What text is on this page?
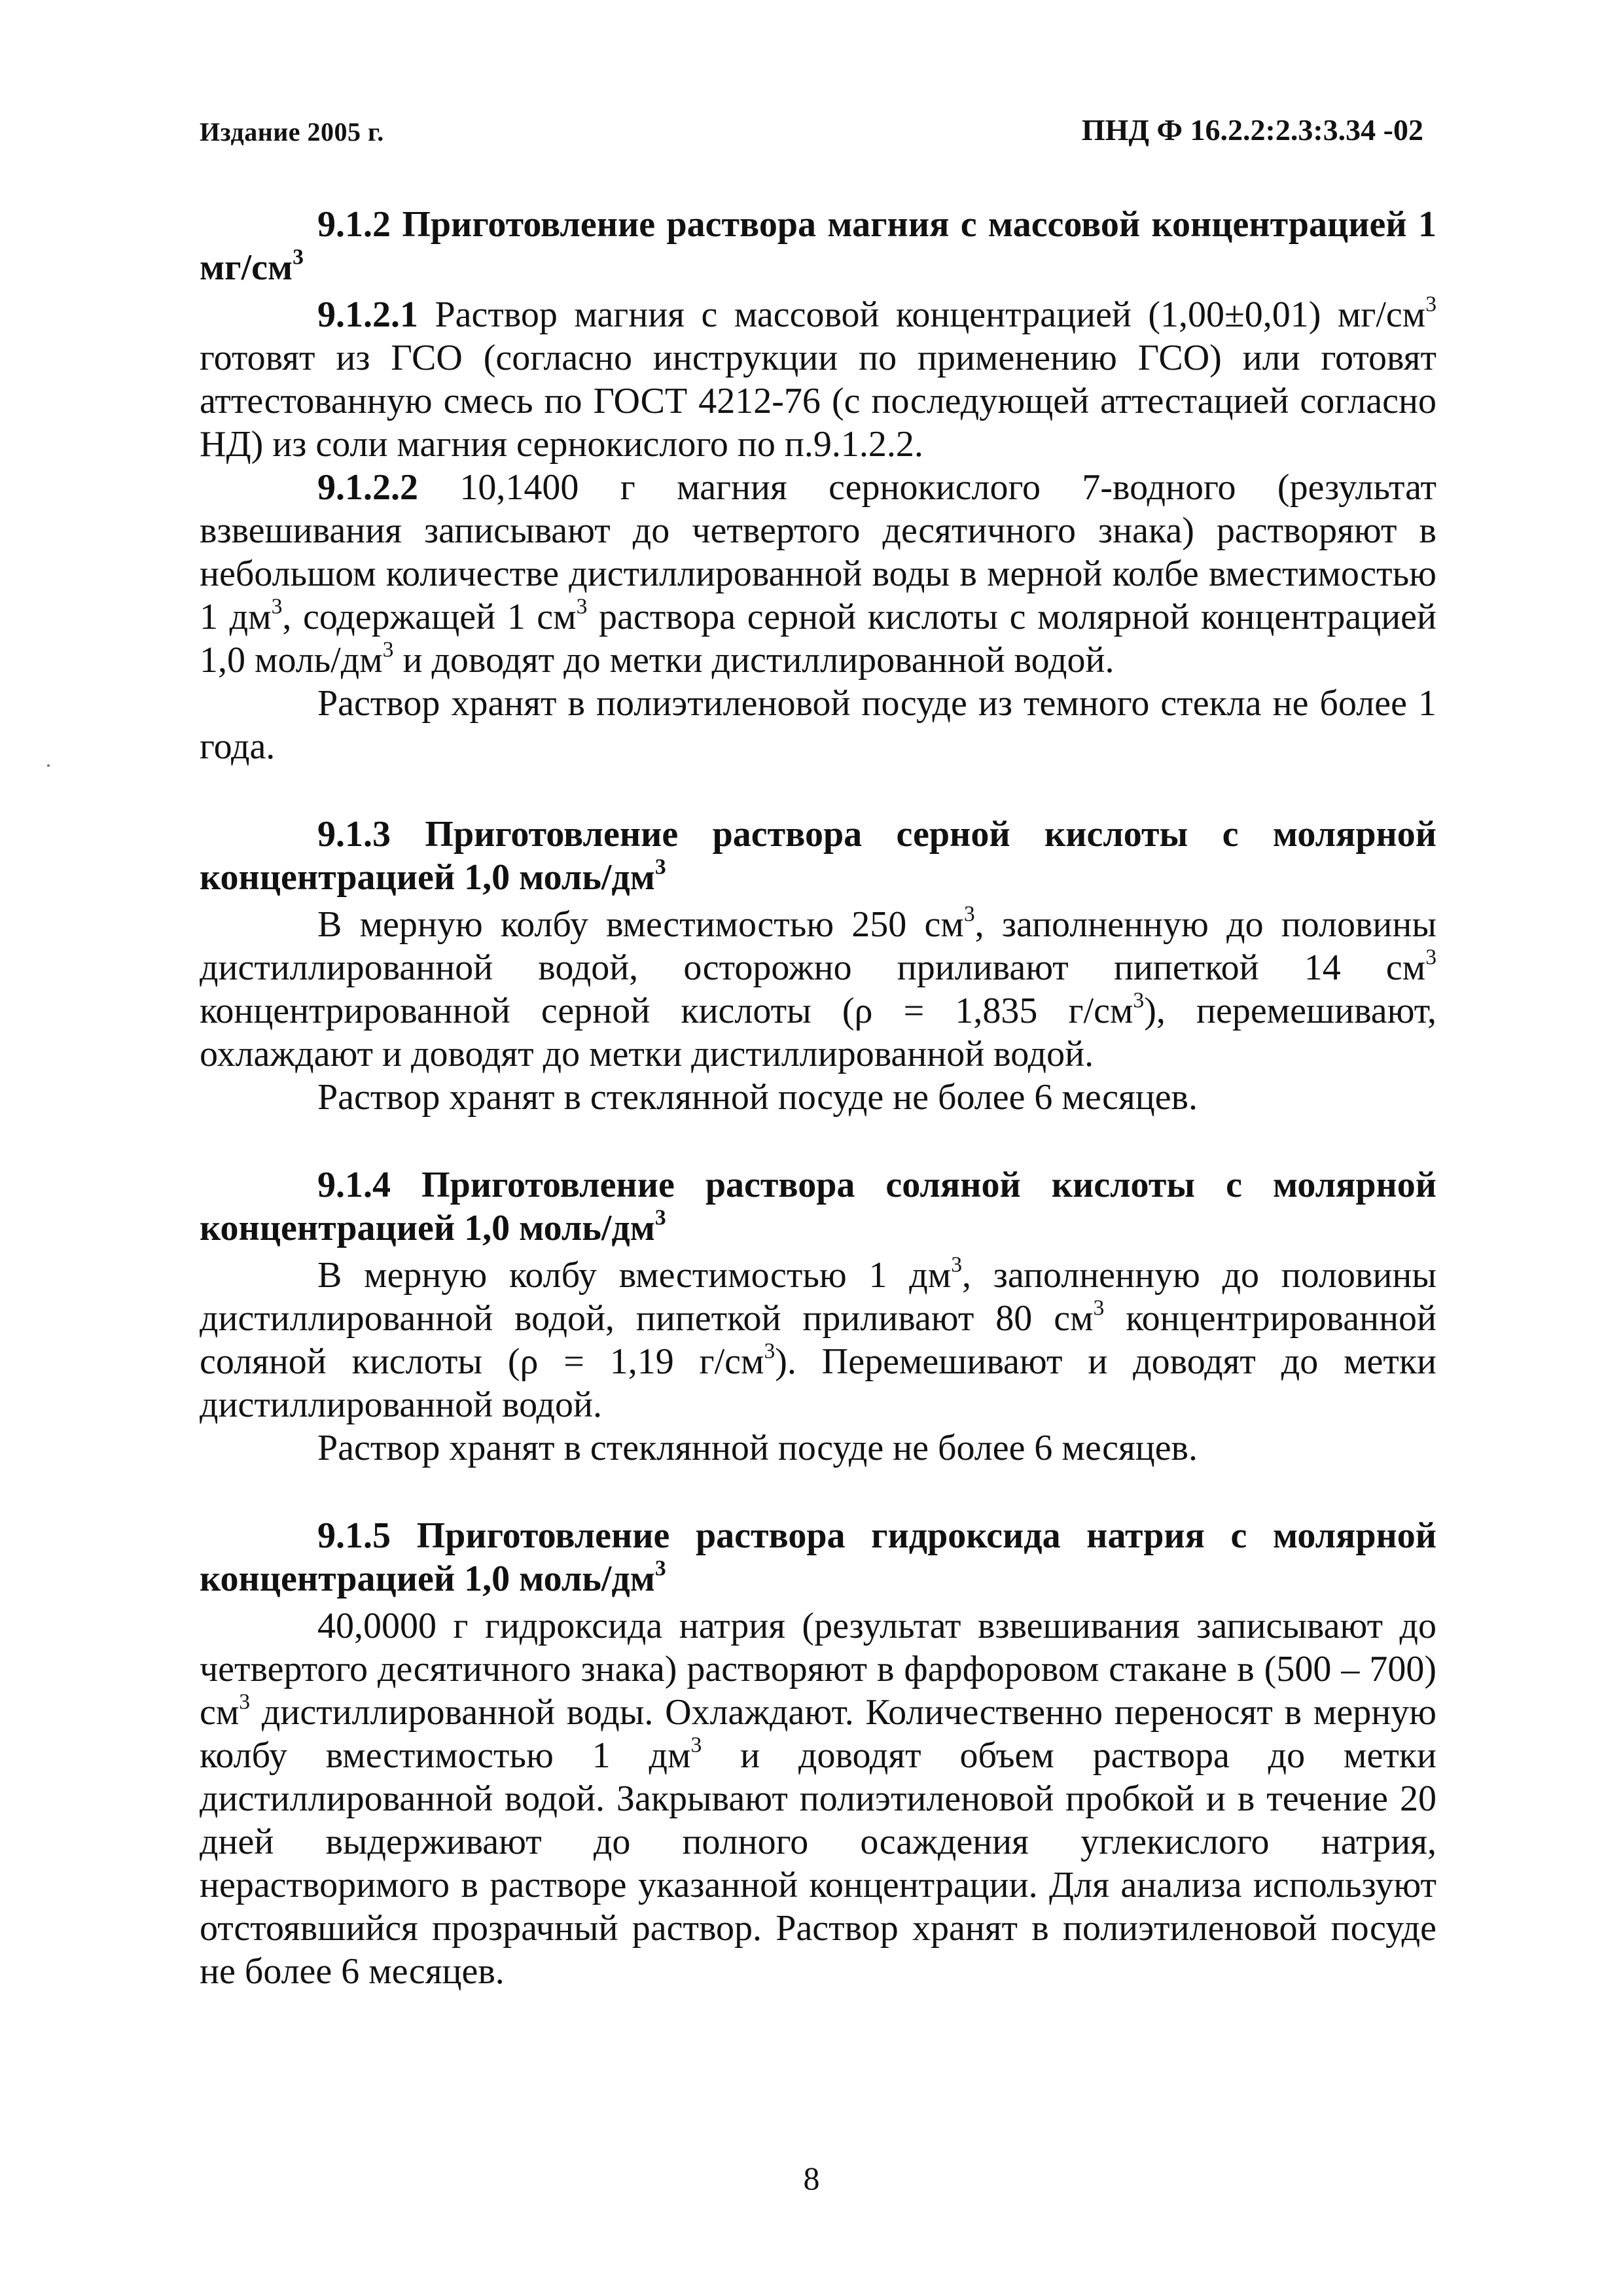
Издание 2005 г.	ПНД Ф 16.2.2:2.3:3.34 -02

9.1.2 Приготовление раствора магния с массовой концентрацией 1 $мг/см^3$

9.1.2.1 Раствор магния с массовой концентрацией (1,00±0,01) $мг/см^3$ готовят из ГСО (согласно инструкции по применению ГСО) или готовят аттестованную смесь по ГОСТ 4212-76 (с последующей аттестацией согласно НД) из соли магния сернокислого по п.9.1.2.2.

9.1.2.2 10,1400 г магния сернокислого 7-водного (результат взвешивания записывают до четвертого десятичного знака) растворяют в небольшом количестве дистиллированной воды в мерной колбе вместимостью 1 $дм^3$, содержащей 1 $см^3$ раствора серной кислоты с молярной концентрацией 1,0 моль/$дм^3$ и доводят до метки дистиллированной водой.

Раствор хранят в полиэтиленовой посуде из темного стекла не более 1 года.

9.1.3 Приготовление раствора серной кислоты с молярной концентрацией 1,0 моль/$дм^3$

В мерную колбу вместимостью 250 $см^3$, заполненную до половины дистиллированной водой, осторожно приливают пипеткой 14 $см^3$ концентрированной серной кислоты (ρ = 1,835 $г/см^3$), перемешивают, охлаждают и доводят до метки дистиллированной водой.

Раствор хранят в стеклянной посуде не более 6 месяцев.

9.1.4 Приготовление раствора соляной кислоты с молярной концентрацией 1,0 моль/$дм^3$

В мерную колбу вместимостью 1 $дм^3$, заполненную до половины дистиллированной водой, пипеткой приливают 80 $см^3$ концентрированной соляной кислоты (ρ = 1,19 $г/см^3$). Перемешивают и доводят до метки дистиллированной водой.

Раствор хранят в стеклянной посуде не более 6 месяцев.

9.1.5 Приготовление раствора гидроксида натрия с молярной концентрацией 1,0 моль/$дм^3$

40,0000 г гидроксида натрия (результат взвешивания записывают до четвертого десятичного знака) растворяют в фарфоровом стакане в (500 – 700) $см^3$ дистиллированной воды. Охлаждают. Количественно переносят в мерную колбу вместимостью 1 $дм^3$ и доводят объем раствора до метки дистиллированной водой. Закрывают полиэтиленовой пробкой и в течение 20 дней выдерживают до полного осаждения углекислого натрия, нерастворимого в растворе указанной концентрации. Для анализа используют отстоявшийся прозрачный раствор. Раствор хранят в полиэтиленовой посуде не более 6 месяцев.

8
